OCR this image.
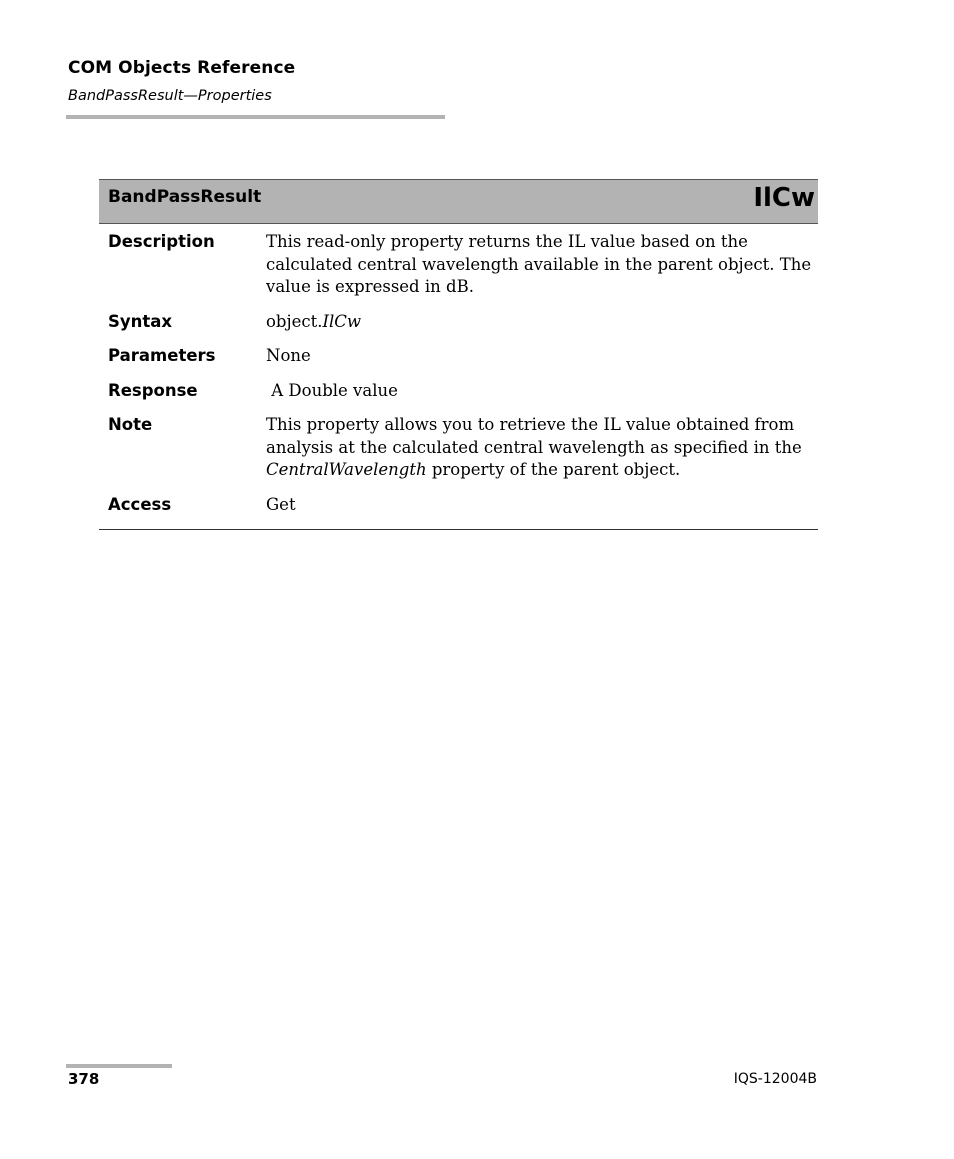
COM Objects Reference
BandPassResult—Properties
BandPassResult	IlCw
Description	This read-only property returns the IL value based on the calculated central wavelength available in the parent object. The value is expressed in dB.
Syntax	object.IlCw
Parameters	None
Response	A Double value
Note	This property allows you to retrieve the IL value obtained from analysis at the calculated central wavelength as specified in the CentralWavelength property of the parent object.
Access	Get
378	IQS-12004B
